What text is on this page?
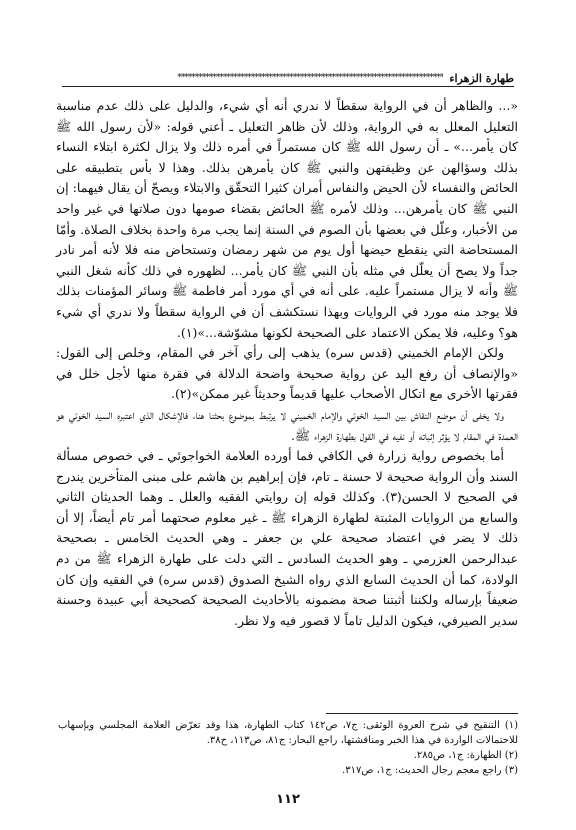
طهارة الزهراء
****************************************************************************

«... والظاهر أن في الرواية سقطاً لا ندري أنه أي شيء، والدليل على ذلك عدم مناسبة التعليل المعلل به في الرواية، وذلك لأن ظاهر التعليل ـ أعني قوله: «لأن رسول الله ﷺ كان يأمر...» ـ أن رسول الله ﷺ كان مستمراً في أمره ذلك ولا يزال لكثرة ابتلاء النساء بذلك وسؤالهن عن وظيفتهن والنبي ﷺ كان يأمرهن بذلك. وهذا لا بأس بتطبيقه على الحائض والنفساء لأن الحيض والنفاس أمران كثيرا التحقّق والابتلاء ويصحّ أن يقال فيهما: إن النبي ﷺ كان يأمرهن... وذلك لأمره ﷺ الحائض بقضاء صومها دون صلاتها في غير واحد من الأخبار، وعلّل في بعضها بأن الصوم في السنة إنما يجب مرة واحدة بخلاف الصلاة. وأمّا المستحاضة التي ينقطع حيضها أول يوم من شهر رمضان وتستحاض منه فلا لأنه أمر نادر جداً ولا يصح أن يعلّل في مثله بأن النبي ﷺ كان يأمر... لظهوره في ذلك كأنه شغل النبي ﷺ وأنه لا يزال مستمراً عليه. على أنه في أي مورد أمر فاطمة ﷺ وسائر المؤمنات بذلك فلا يوجد منه مورد في الروايات وبهذا نستكشف أن في الرواية سقطاً ولا ندري أي شيء هو؟ وعليه، فلا يمكن الاعتماد على الصحيحة لكونها مشوّشة...»(١).

ولكن الإمام الخميني (قدس سره) يذهب إلى رأي آخر في المقام، وخلص إلى القول: «والإنصاف أن رفع اليد عن رواية صحيحة واضحة الدلالة في فقرة منها لأجل خلل في فقرتها الأخرى مع اتكال الأصحاب عليها قديماً وحديثاً غير ممكن»(٢).

ولا يخفى أن موضع النقاش بين السيد الخوئي والإمام الخميني لا يرتبط بموضوع بحثنا هنا، فالإشكال الذي اعتبره السيد الخوئي هو العمدة في المقام لا يؤثر إثباته أو نفيه في القول بطهارة الزهراء ﷺ.

أما بخصوص رواية زرارة في الكافي فما أورده العلامة الخواجوئي ـ في خصوص مسألة السند وأن الرواية صحيحة لا حسنة ـ تام، فإن إبراهيم بن هاشم على مبنى المتأخرين يندرج في الصحيح لا الحسن(٣). وكذلك قوله إن روايتي الفقيه والعلل ـ وهما الحديثان الثاني والسابع من الروايات المثبتة لطهارة الزهراء ﷺ ـ غير معلوم صحتهما أمر تام أيضاً، إلا أن ذلك لا يضر في اعتضاد صحيحة علي بن جعفر ـ وهي الحديث الخامس ـ بصحيحة عبدالرحمن العزرمي ـ وهو الحديث السادس ـ التي دلت على طهارة الزهراء ﷺ من دم الولادة، كما أن الحديث السابع الذي رواه الشيخ الصدوق (قدس سره) في الفقيه وإن كان ضعيفاً بإرساله ولكننا أثبتنا صحة مضمونه بالأحاديث الصحيحة كصحيحة أبي عبيدة وحسنة سدير الصيرفي، فيكون الدليل تاماً لا قصور فيه ولا نظر.

(١) التنقيح في شرح العروة الوثقى: ج٧، ص١٤٢ كتاب الطهارة، هذا وقد تعرّض العلامة المجلسي وبإسهاب للاحتمالات الواردة في هذا الخبر ومناقشتها، راجع البحار: ج٨١، ص١١٣، ح٣٨.
(٢) الطهارة: ج١، ص٢٨٥.
(٣) راجع معجم رجال الحديث: ج١، ص٣١٧.
١١٢
